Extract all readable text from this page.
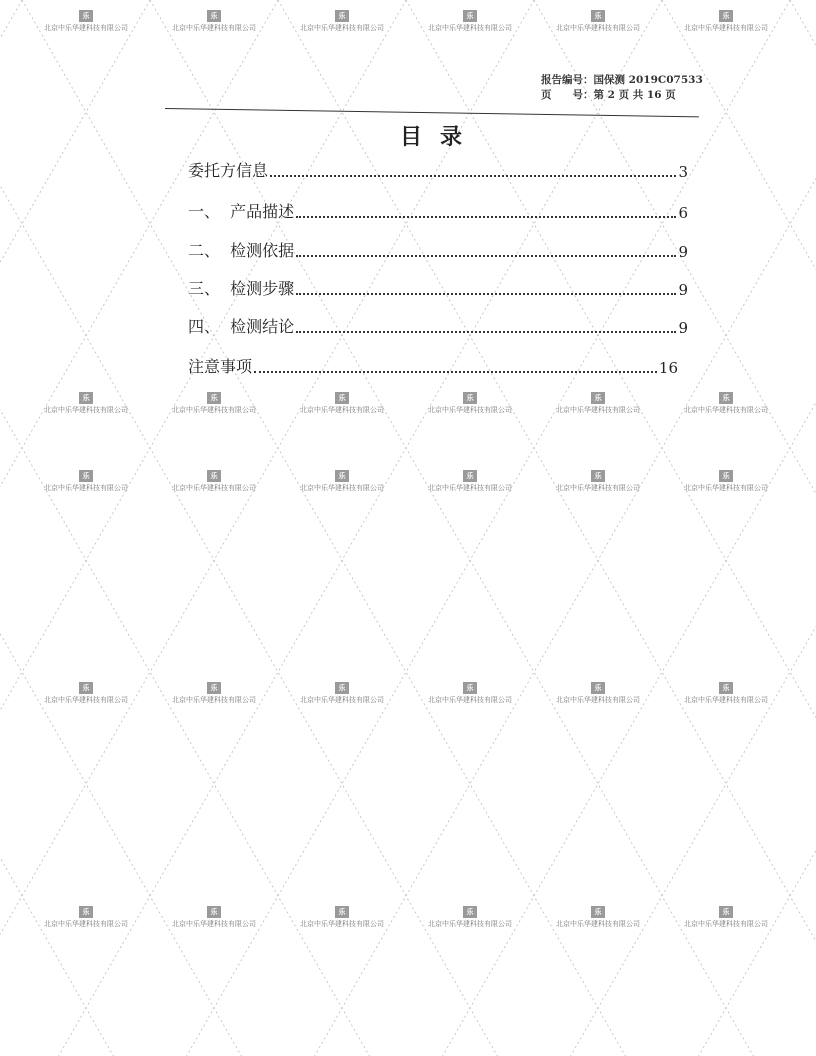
乐
北京中乐华建科技有限公司
乐
北京中乐华建科技有限公司
乐
北京中乐华建科技有限公司
乐
北京中乐华建科技有限公司
乐
北京中乐华建科技有限公司
乐
北京中乐华建科技有限公司
乐
北京中乐华建科技有限公司
乐
北京中乐华建科技有限公司
乐
北京中乐华建科技有限公司
乐
北京中乐华建科技有限公司
乐
北京中乐华建科技有限公司
乐
北京中乐华建科技有限公司
乐
北京中乐华建科技有限公司
乐
北京中乐华建科技有限公司
乐
北京中乐华建科技有限公司
乐
北京中乐华建科技有限公司
乐
北京中乐华建科技有限公司
乐
北京中乐华建科技有限公司
乐
北京中乐华建科技有限公司
乐
北京中乐华建科技有限公司
乐
北京中乐华建科技有限公司
乐
北京中乐华建科技有限公司
乐
北京中乐华建科技有限公司
乐
北京中乐华建科技有限公司
乐
北京中乐华建科技有限公司
乐
北京中乐华建科技有限公司
乐
北京中乐华建科技有限公司
乐
北京中乐华建科技有限公司
乐
北京中乐华建科技有限公司
乐
北京中乐华建科技有限公司
报告编号：国保测 2019C07533
页　　号：第 2 页 共 16 页
目录
委托方信息	3
一、  产品描述	6
二、  检测依据	9
三、  检测步骤	9
四、  检测结论	9
注意事项	16
